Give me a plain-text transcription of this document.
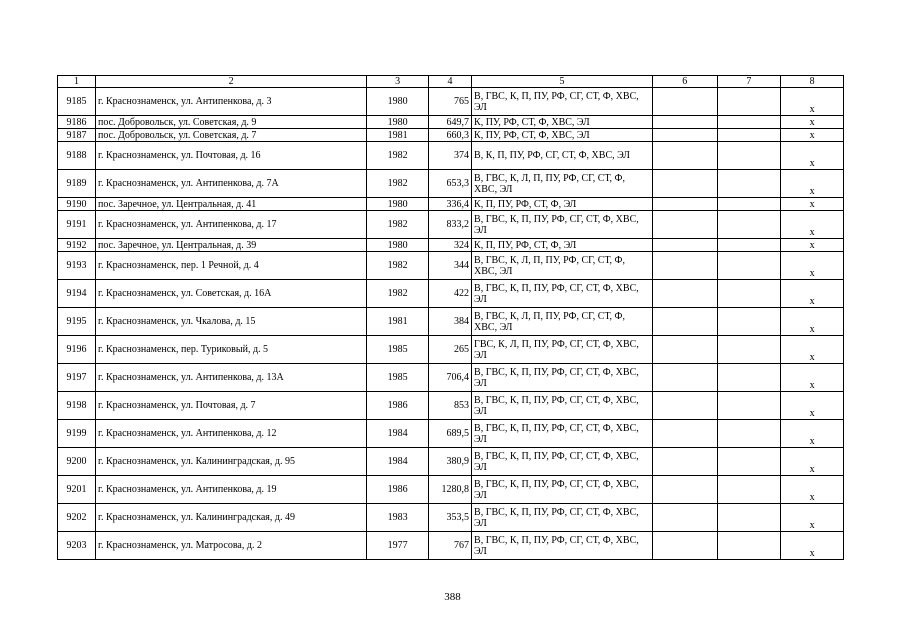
1	2	3	4	5	6	7	8
9185	г. Краснознаменск, ул. Антипенкова, д. 3	1980	765	В, ГВС, К, П, ПУ, РФ, СГ, СТ, Ф, ХВС, ЭЛ			х
9186	пос. Добровольск, ул. Советская, д. 9	1980	649,7	К, ПУ, РФ, СТ, Ф, ХВС, ЭЛ			х
9187	пос. Добровольск, ул. Советская, д. 7	1981	660,3	К, ПУ, РФ, СТ, Ф, ХВС, ЭЛ			х
9188	г. Краснознаменск, ул. Почтовая, д. 16	1982	374	В, К, П, ПУ, РФ, СГ, СТ, Ф, ХВС, ЭЛ			х
9189	г. Краснознаменск, ул. Антипенкова, д. 7А	1982	653,3	В, ГВС, К, Л, П, ПУ, РФ, СГ, СТ, Ф, ХВС, ЭЛ			х
9190	пос. Заречное, ул. Центральная, д. 41	1980	336,4	К, П, ПУ, РФ, СТ, Ф, ЭЛ			х
9191	г. Краснознаменск, ул. Антипенкова, д. 17	1982	833,2	В, ГВС, К, П, ПУ, РФ, СГ, СТ, Ф, ХВС, ЭЛ			х
9192	пос. Заречное, ул. Центральная, д. 39	1980	324	К, П, ПУ, РФ, СТ, Ф, ЭЛ			х
9193	г. Краснознаменск, пер. 1 Речной, д. 4	1982	344	В, ГВС, К, Л, П, ПУ, РФ, СГ, СТ, Ф, ХВС, ЭЛ			х
9194	г. Краснознаменск, ул. Советская, д. 16А	1982	422	В, ГВС, К, П, ПУ, РФ, СГ, СТ, Ф, ХВС, ЭЛ			х
9195	г. Краснознаменск, ул. Чкалова, д. 15	1981	384	В, ГВС, К, Л, П, ПУ, РФ, СГ, СТ, Ф, ХВС, ЭЛ			х
9196	г. Краснознаменск, пер. Туриковый, д. 5	1985	265	ГВС, К, Л, П, ПУ, РФ, СГ, СТ, Ф, ХВС, ЭЛ			х
9197	г. Краснознаменск, ул. Антипенкова, д. 13А	1985	706,4	В, ГВС, К, П, ПУ, РФ, СГ, СТ, Ф, ХВС, ЭЛ			х
9198	г. Краснознаменск, ул. Почтовая, д. 7	1986	853	В, ГВС, К, П, ПУ, РФ, СГ, СТ, Ф, ХВС, ЭЛ			х
9199	г. Краснознаменск, ул. Антипенкова, д. 12	1984	689,5	В, ГВС, К, П, ПУ, РФ, СГ, СТ, Ф, ХВС, ЭЛ			х
9200	г. Краснознаменск, ул. Калининградская, д. 95	1984	380,9	В, ГВС, К, П, ПУ, РФ, СГ, СТ, Ф, ХВС, ЭЛ			х
9201	г. Краснознаменск, ул. Антипенкова, д. 19	1986	1280,8	В, ГВС, К, П, ПУ, РФ, СГ, СТ, Ф, ХВС, ЭЛ			х
9202	г. Краснознаменск, ул. Калининградская, д. 49	1983	353,5	В, ГВС, К, П, ПУ, РФ, СГ, СТ, Ф, ХВС, ЭЛ			х
9203	г. Краснознаменск, ул. Матросова, д. 2	1977	767	В, ГВС, К, П, ПУ, РФ, СГ, СТ, Ф, ХВС, ЭЛ			х
388
